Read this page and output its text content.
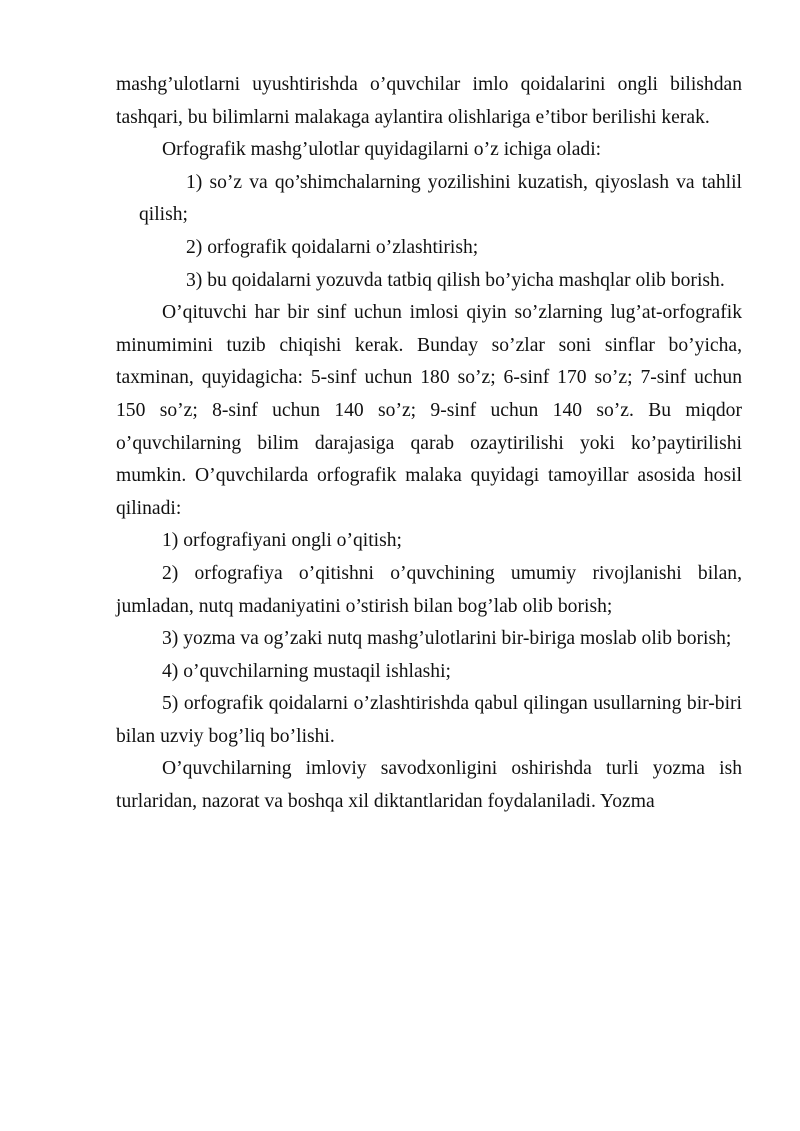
mashg’ulotlarni uyushtirishda o’quvchilar imlo qoidalarini ongli bilishdan tashqari, bu bilimlarni malakaga aylantira olishlariga e’tibor berilishi kerak.

Orfografik mashg’ulotlar quyidagilarni o’z ichiga oladi:

1) so’z va qo’shimchalarning yozilishini kuzatish, qiyoslash va tahlil qilish;

2) orfografik qoidalarni o’zlashtirish;

3) bu qoidalarni yozuvda tatbiq qilish bo’yicha mashqlar olib borish.

O’qituvchi har bir sinf uchun imlosi qiyin so’zlarning lug’at-orfografik minumimini tuzib chiqishi kerak. Bunday so’zlar soni sinflar bo’yicha, taxminan, quyidagicha: 5-sinf uchun 180 so’z; 6-sinf 170 so’z; 7-sinf uchun 150 so’z; 8-sinf uchun 140 so’z; 9-sinf uchun 140 so’z. Bu miqdor o’quvchilarning bilim darajasiga qarab ozaytirilishi yoki ko’paytirilishi mumkin. O’quvchilarda orfografik malaka quyidagi tamoyillar asosida hosil qilinadi:

1) orfografiyani ongli o’qitish;

2) orfografiya o’qitishni o’quvchining umumiy rivojlanishi bilan, jumladan, nutq madaniyatini o’stirish bilan bog’lab olib borish;

3) yozma va og’zaki nutq mashg’ulotlarini bir-biriga moslab olib borish;

4) o’quvchilarning mustaqil ishlashi;

5) orfografik qoidalarni o’zlashtirishda qabul qilingan usullarning bir-biri bilan uzviy bog’liq bo’lishi.

O’quvchilarning imloviy savodxonligini oshirishda turli yozma ish turlaridan, nazorat va boshqa xil diktantlaridan foydalaniladi. Yozma
